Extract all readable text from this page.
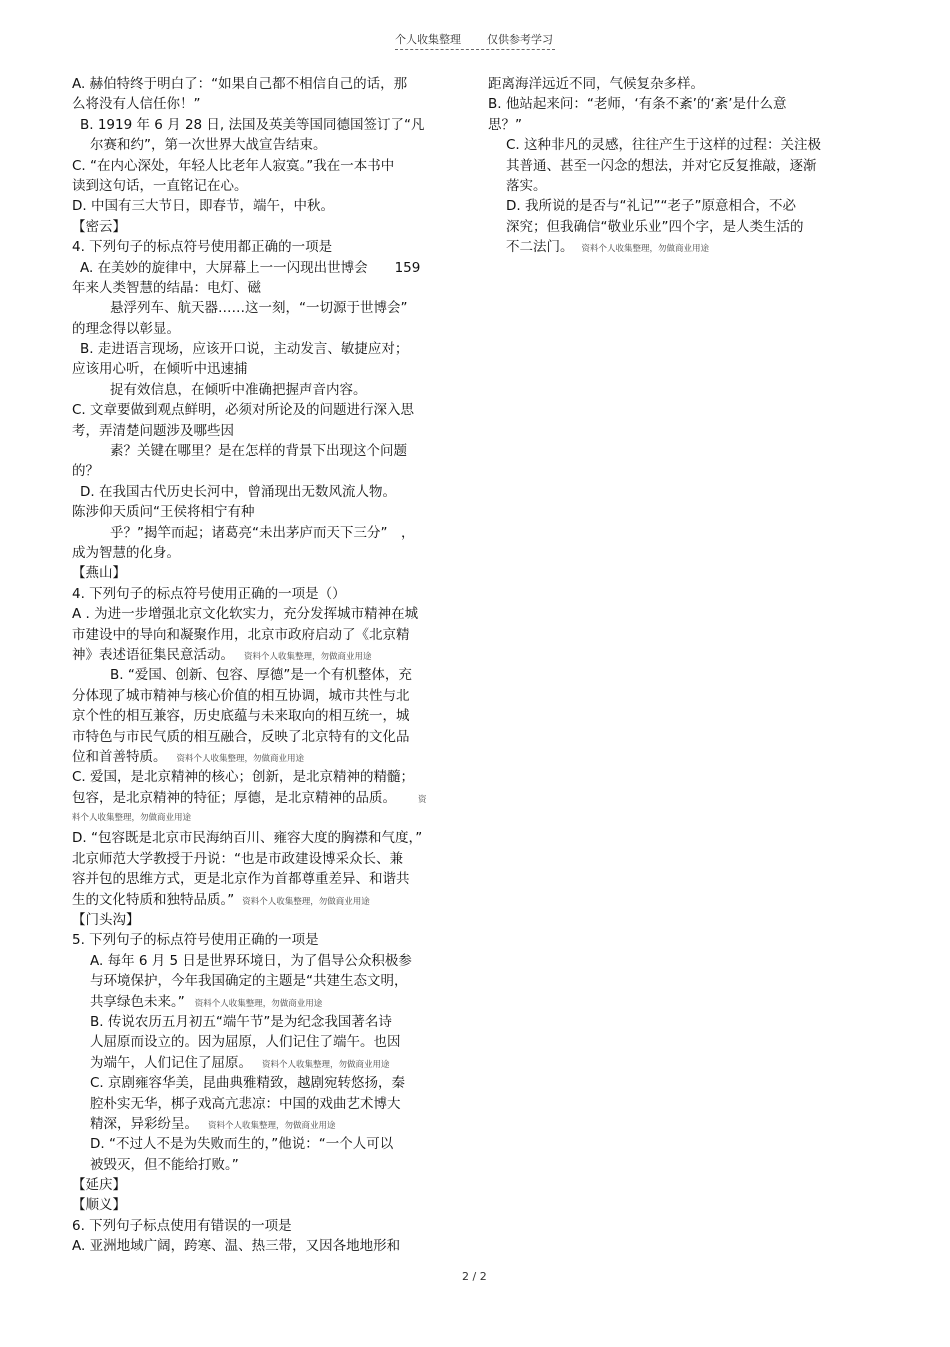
个人收集整理 仅供参考学习
A. 赫伯特终于明白了：“如果自己都不相信自己的话，那
么将没有人信任你！”
B. 1919 年 6 月 28 日, 法国及英美等国同德国签订了“凡
尔赛和约”，第一次世界大战宣告结束。
C. “在内心深处，年轻人比老年人寂寞。”我在一本书中
读到这句话，一直铭记在心。
D. 中国有三大节日，即春节，端午，中秋。
【密云】
4. 下列句子的标点符号使用都正确的一项是
A. 在美妙的旋律中，大屏幕上一一闪现出世博会　　159
年来人类智慧的结晶：电灯、磁
悬浮列车、航天器……这一刻，“一切源于世博会”
的理念得以彰显。
B. 走进语言现场，应该开口说，主动发言、敏捷应对；
应该用心听，在倾听中迅速捕
捉有效信息，在倾听中准确把握声音内容。
C. 文章要做到观点鲜明，必须对所论及的问题进行深入思
考，弄清楚问题涉及哪些因
素？关键在哪里？是在怎样的背景下出现这个问题
的？
D. 在我国古代历史长河中，曾涌现出无数风流人物。
陈涉仰天质问“王侯将相宁有种
乎？”揭竿而起；诸葛亮“未出茅庐而天下三分”　，
成为智慧的化身。
【燕山】
4. 下列句子的标点符号使用正确的一项是（）
A . 为进一步增强北京文化软实力，充分发挥城市精神在城
市建设中的导向和凝聚作用，北京市政府启动了《北京精
神》表述语征集民意活动。 资料个人收集整理，勿做商业用途
B. “爱国、创新、包容、厚德”是一个有机整体，充
分体现了城市精神与核心价值的相互协调，城市共性与北
京个性的相互兼容，历史底蕴与未来取向的相互统一，城
市特色与市民气质的相互融合，反映了北京特有的文化品
位和首善特质。 资料个人收集整理，勿做商业用途
C. 爱国，是北京精神的核心；创新，是北京精神的精髓；
包容，是北京精神的特征；厚德，是北京精神的品质。	资
料个人收集整理，勿做商业用途
D. “包容既是北京市民海纳百川、雍容大度的胸襟和气度，”
北京师范大学教授于丹说：“也是市政建设博采众长、兼
容并包的思维方式，更是北京作为首都尊重差异、和谐共
生的文化特质和独特品质。” 资料个人收集整理，勿做商业用途
【门头沟】
5. 下列句子的标点符号使用正确的一项是
A. 每年 6 月 5 日是世界环境日，为了倡导公众积极参
与环境保护，今年我国确定的主题是“共建生态文明，
共享绿色未来。” 资料个人收集整理，勿做商业用途
B. 传说农历五月初五“端午节”是为纪念我国著名诗
人屈原而设立的。因为屈原，人们记住了端午。也因
为端午，人们记住了屈原。 资料个人收集整理，勿做商业用途
C. 京剧雍容华美，昆曲典雅精致，越剧宛转悠扬，秦
腔朴实无华，梆子戏高亢悲凉：中国的戏曲艺术博大
精深，异彩纷呈。 资料个人收集整理，勿做商业用途
D. “不过人不是为失败而生的，”他说：“一个人可以
被毁灭，但不能给打败。”
【延庆】
【顺义】
6. 下列句子标点使用有错误的一项是
A. 亚洲地域广阔，跨寒、温、热三带，又因各地地形和
距离海洋远近不同，气候复杂多样。
B. 他站起来问：“老师，‘有条不紊’的‘紊’是什么意
思？”
C. 这种非凡的灵感，往往产生于这样的过程：关注极
其普通、甚至一闪念的想法，并对它反复推敲，逐渐
落实。
D. 我所说的是否与“礼记”“老子”原意相合，不必
深究；但我确信“敬业乐业”四个字，是人类生活的
不二法门。 资料个人收集整理，勿做商业用途
2 / 2
